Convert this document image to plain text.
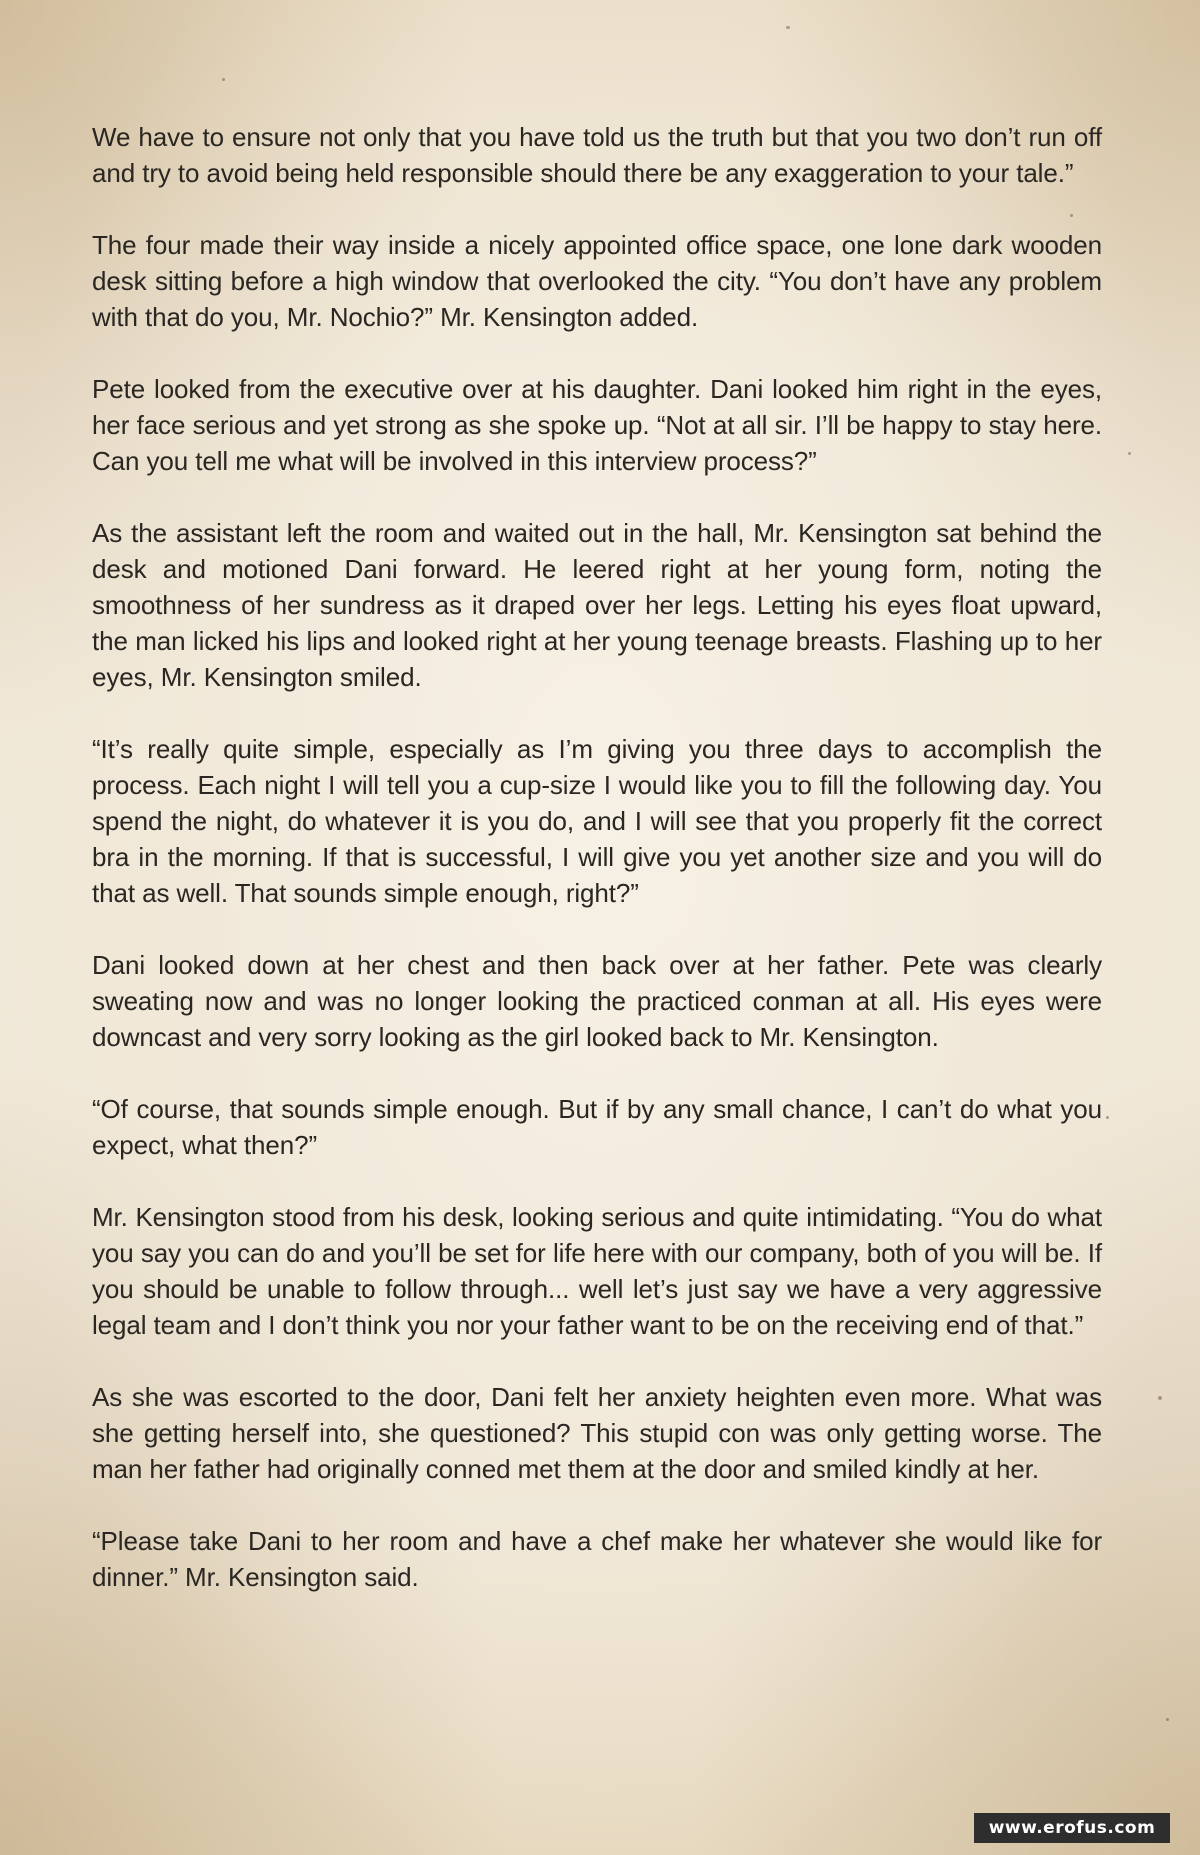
We have to ensure not only that you have told us the truth but that you two don’t run off and try to avoid being held responsible should there be any exaggeration to your tale.”

The four made their way inside a nicely appointed office space, one lone dark wooden desk sitting before a high window that overlooked the city. “You don’t have any problem with that do you, Mr. Nochio?” Mr. Kensington added.

Pete looked from the executive over at his daughter. Dani looked him right in the eyes, her face serious and yet strong as she spoke up. “Not at all sir. I’ll be happy to stay here. Can you tell me what will be involved in this interview process?”

As the assistant left the room and waited out in the hall, Mr. Kensington sat behind the desk and motioned Dani forward. He leered right at her young form, noting the smoothness of her sundress as it draped over her legs. Letting his eyes float upward, the man licked his lips and looked right at her young teenage breasts. Flashing up to her eyes, Mr. Kensington smiled.

“It’s really quite simple, especially as I’m giving you three days to accomplish the process. Each night I will tell you a cup-size I would like you to fill the following day. You spend the night, do whatever it is you do, and I will see that you properly fit the correct bra in the morning. If that is successful, I will give you yet another size and you will do that as well. That sounds simple enough, right?”

Dani looked down at her chest and then back over at her father. Pete was clearly sweating now and was no longer looking the practiced conman at all. His eyes were downcast and very sorry looking as the girl looked back to Mr. Kensington.

“Of course, that sounds simple enough. But if by any small chance, I can’t do what you expect, what then?”

Mr. Kensington stood from his desk, looking serious and quite intimidating. “You do what you say you can do and you’ll be set for life here with our company, both of you will be. If you should be unable to follow through... well let’s just say we have a very aggressive legal team and I don’t think you nor your father want to be on the receiving end of that.”

As she was escorted to the door, Dani felt her anxiety heighten even more. What was she getting herself into, she questioned? This stupid con was only getting worse. The man her father had originally conned met them at the door and smiled kindly at her.

“Please take Dani to her room and have a chef make her whatever she would like for dinner.” Mr. Kensington said.

www.erofus.com
